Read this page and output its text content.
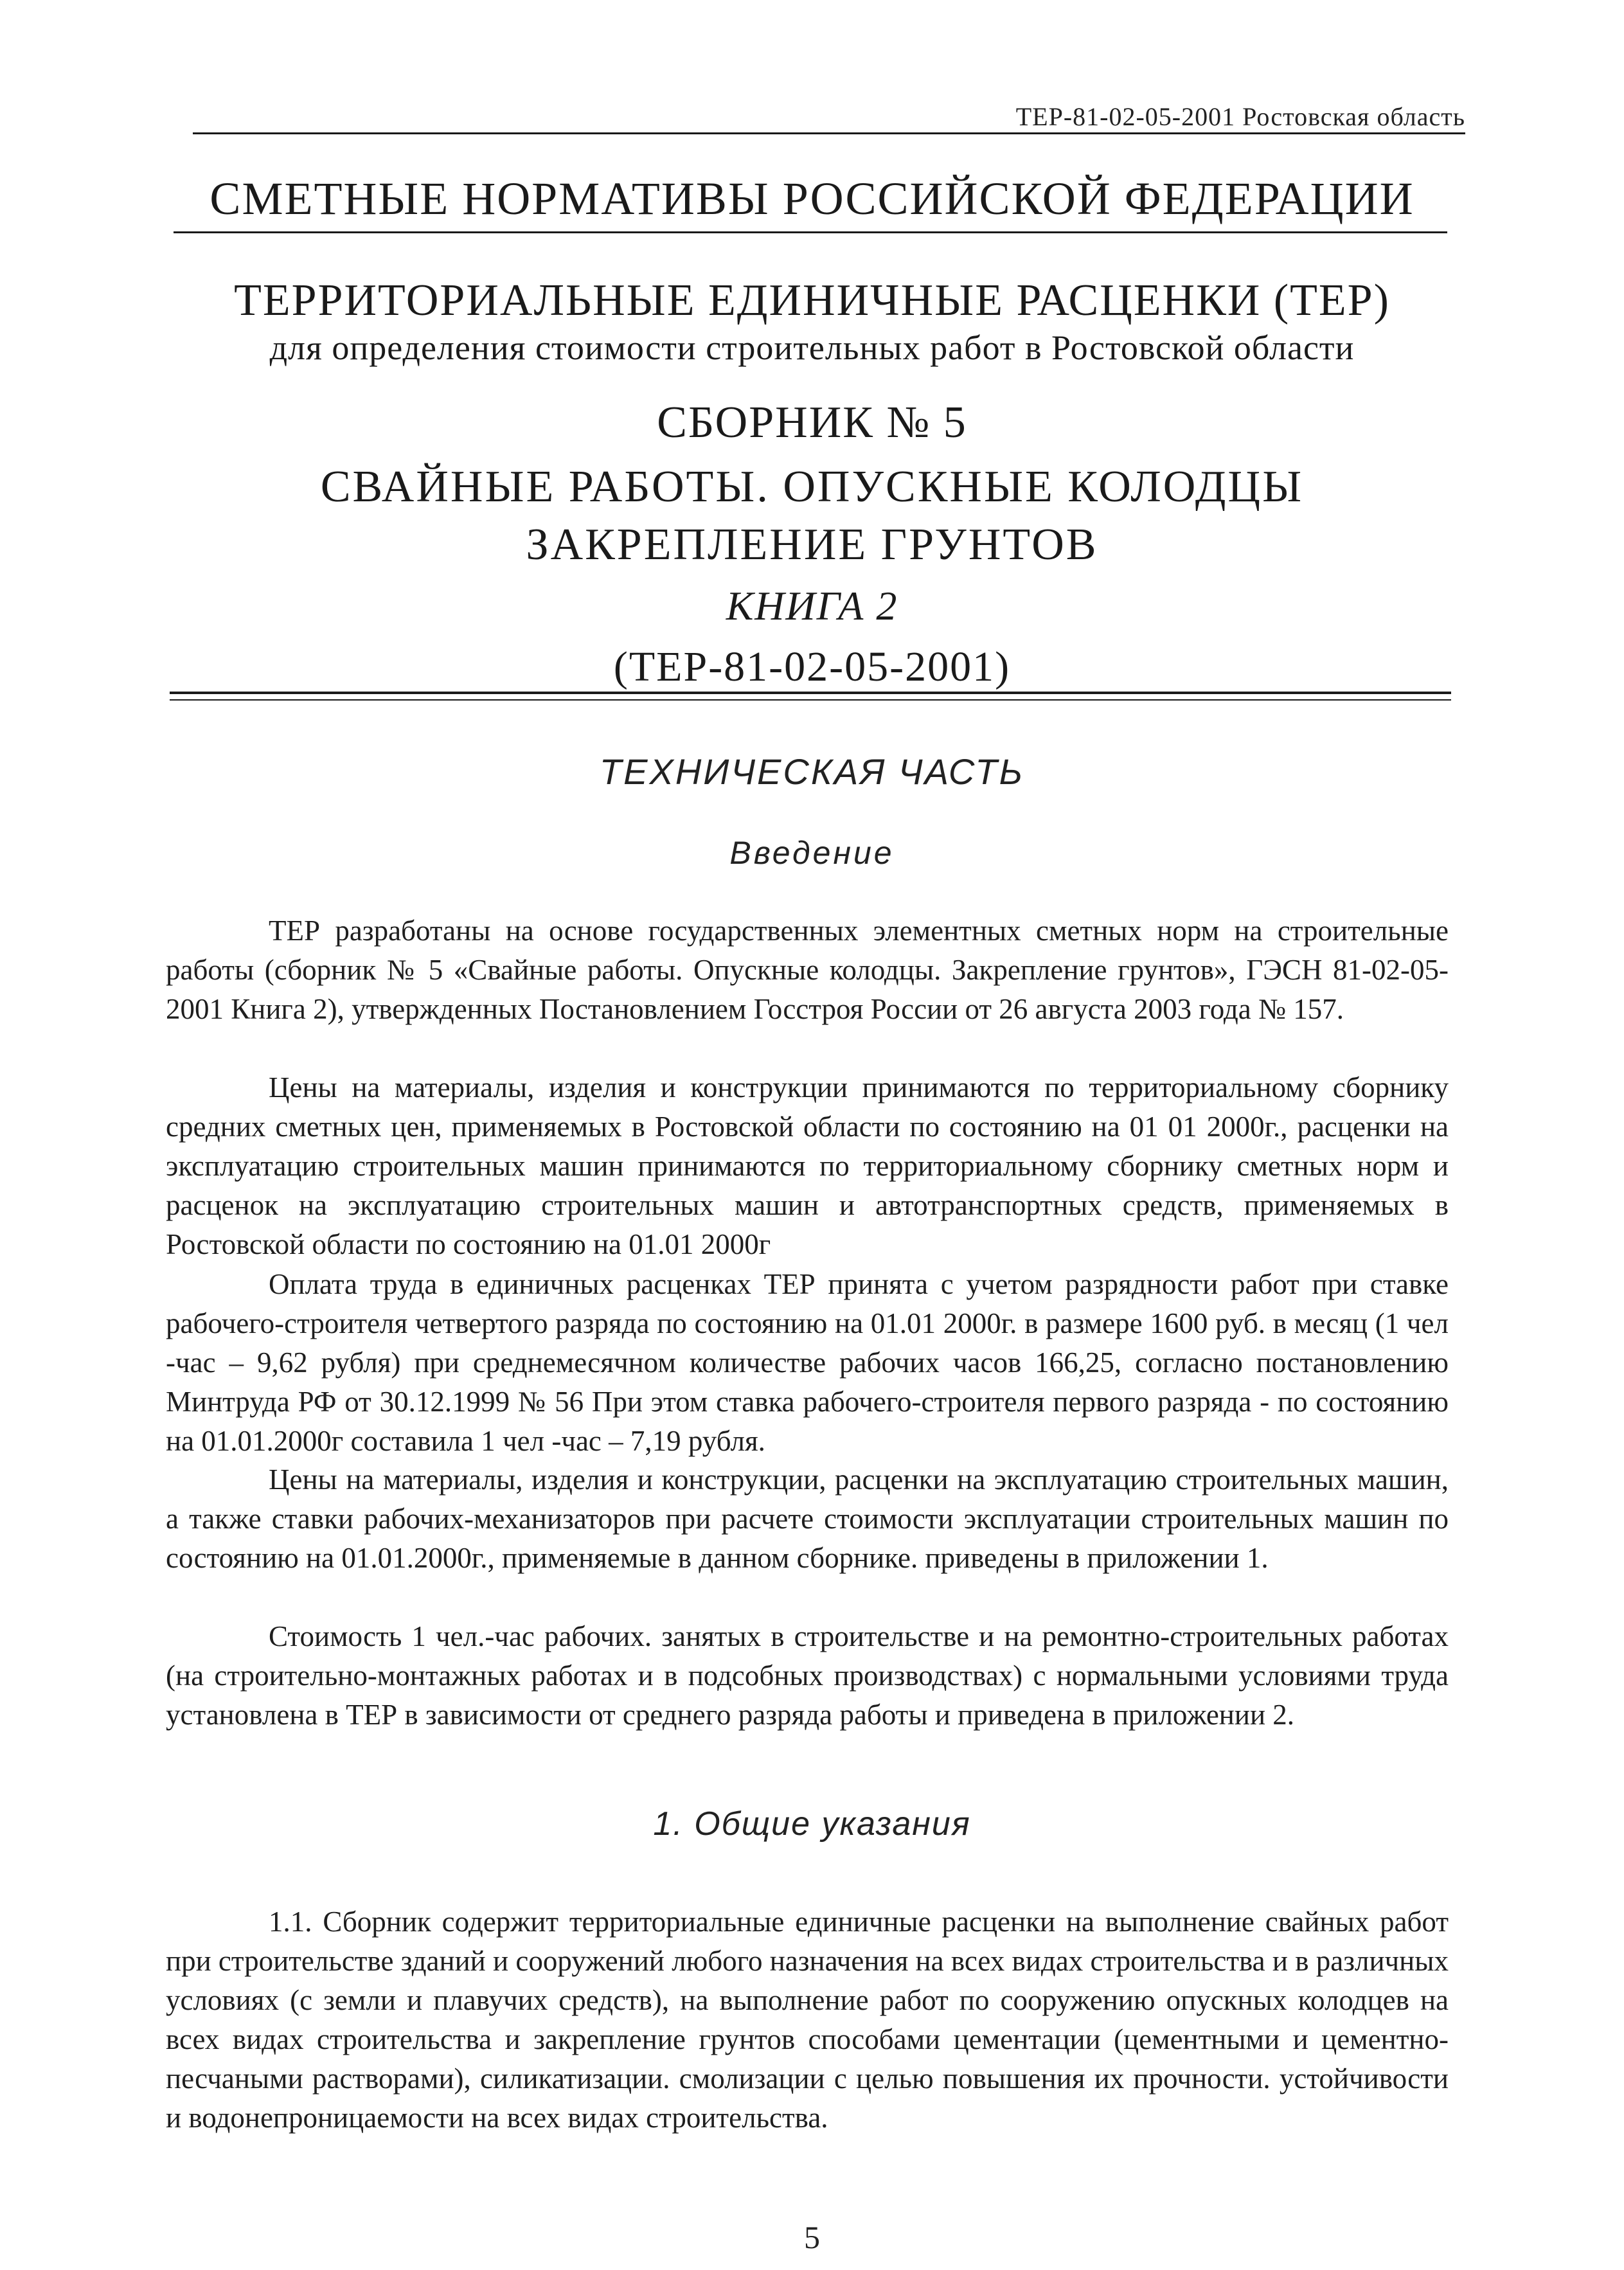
ТЕР-81-02-05-2001 Ростовская область
СМЕТНЫЕ НОРМАТИВЫ РОССИЙСКОЙ ФЕДЕРАЦИИ
ТЕРРИТОРИАЛЬНЫЕ ЕДИНИЧНЫЕ РАСЦЕНКИ (ТЕР)
для определения стоимости строительных работ в Ростовской области
СБОРНИК № 5
СВАЙНЫЕ РАБОТЫ. ОПУСКНЫЕ КОЛОДЦЫ
ЗАКРЕПЛЕНИЕ ГРУНТОВ
КНИГА 2
(ТЕР-81-02-05-2001)
ТЕХНИЧЕСКАЯ ЧАСТЬ
Введение
ТЕР разработаны на основе государственных элементных сметных норм на строительные работы (сборник № 5 «Свайные работы. Опускные колодцы. Закрепление грунтов», ГЭСН 81-02-05-2001 Книга 2), утвержденных Постановлением Госстроя России от 26 августа 2003 года № 157.
Цены на материалы, изделия и конструкции принимаются по территориальному сборнику средних сметных цен, применяемых в Ростовской области по состоянию на 01 01 2000г., расценки на эксплуатацию строительных машин принимаются по территориальному сборнику сметных норм и расценок на эксплуатацию строительных машин и автотранспортных средств, применяемых в Ростовской области по состоянию на 01.01 2000г
Оплата труда в единичных расценках ТЕР принята с учетом разрядности работ при ставке рабочего-строителя четвертого разряда по состоянию на 01.01 2000г. в размере 1600 руб. в месяц (1 чел -час – 9,62 рубля) при среднемесячном количестве рабочих часов 166,25, согласно постановлению Минтруда РФ от 30.12.1999 № 56 При этом ставка рабочего-строителя первого разряда - по состоянию на 01.01.2000г составила 1 чел -час – 7,19 рубля.
Цены на материалы, изделия и конструкции, расценки на эксплуатацию строительных машин, а также ставки рабочих-механизаторов при расчете стоимости эксплуатации строительных машин по состоянию на 01.01.2000г., применяемые в данном сборнике. приведены в приложении 1.
Стоимость 1 чел.-час рабочих. занятых в строительстве и на ремонтно-строительных работах (на строительно-монтажных работах и в подсобных производствах) с нормальными условиями труда установлена в ТЕР в зависимости от среднего разряда работы и приведена в приложении 2.
1. Общие указания
1.1. Сборник содержит территориальные единичные расценки на выполнение свайных работ при строительстве зданий и сооружений любого назначения на всех видах строительства и в различных условиях (с земли и плавучих средств), на выполнение работ по сооружению опускных колодцев на всех видах строительства и закрепление грунтов способами цементации (цементными и цементно-песчаными растворами), силикатизации. смолизации с целью повышения их прочности. устойчивости и водонепроницаемости на всех видах строительства.
5
